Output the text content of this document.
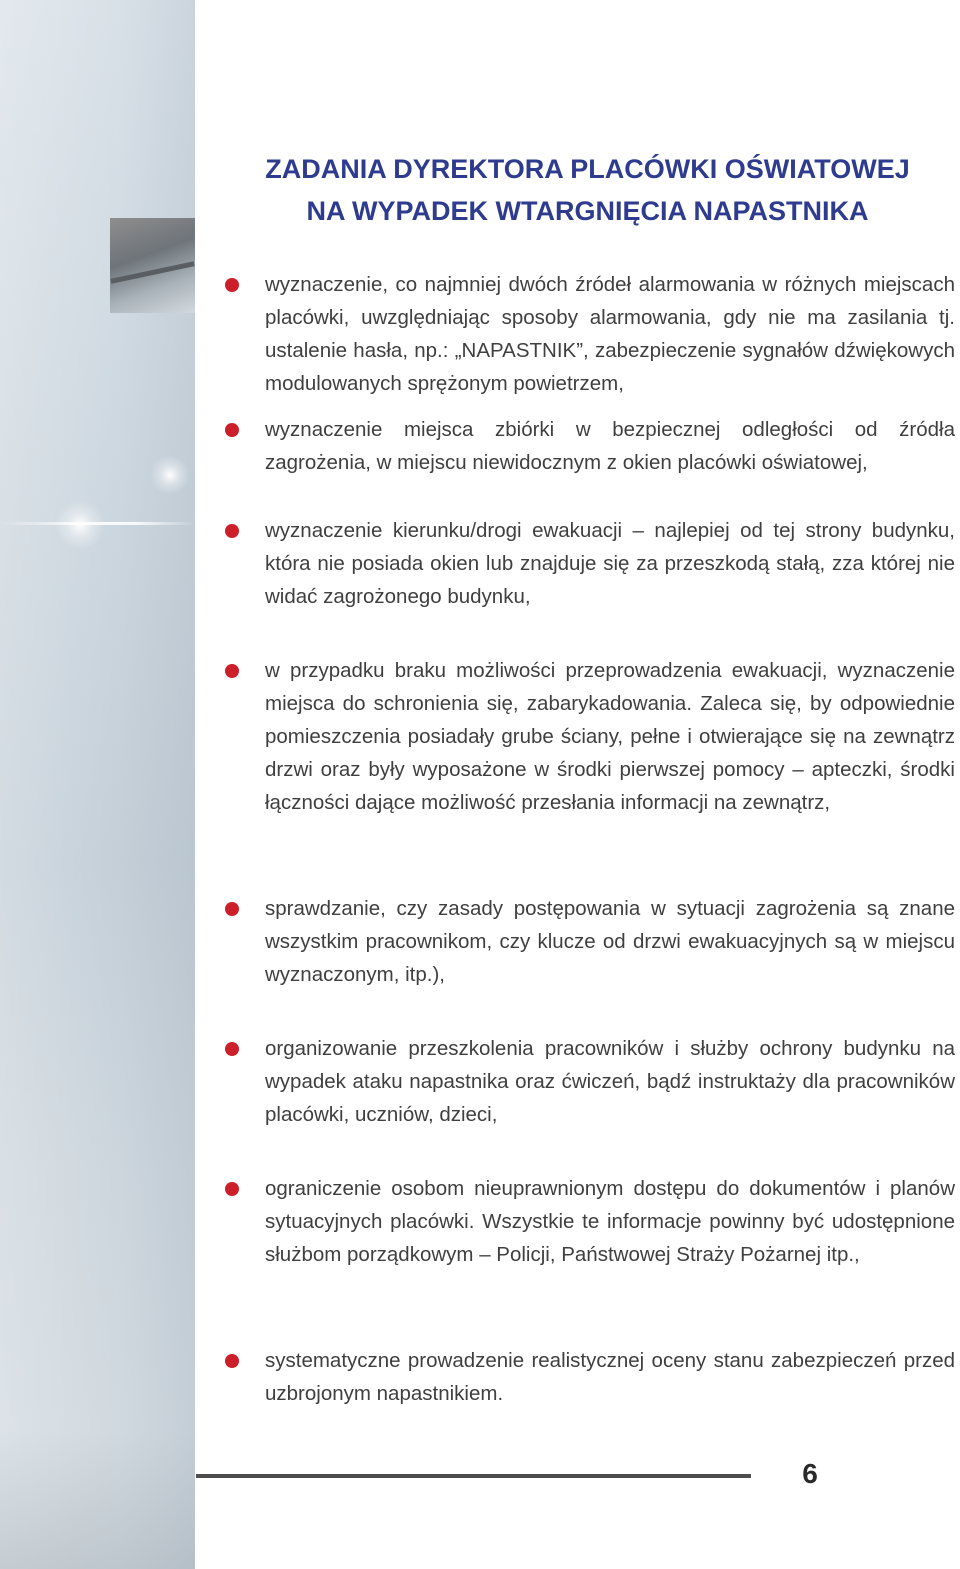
ZADANIA DYREKTORA PLACÓWKI OŚWIATOWEJ
NA WYPADEK WTARGNIĘCIA NAPASTNIKA

wyznaczenie, co najmniej dwóch źródeł alarmowania w różnych miejscach placówki, uwzględniając sposoby alarmowania, gdy nie ma zasilania tj. ustalenie hasła, np.: „NAPASTNIK”, zabezpieczenie sygnałów dźwiękowych modulowanych sprężonym powietrzem,

wyznaczenie miejsca zbiórki w bezpiecznej odległości od źródła zagrożenia, w miejscu niewidocznym z okien placówki oświatowej,

wyznaczenie kierunku/drogi ewakuacji – najlepiej od tej strony budynku, która nie posiada okien lub znajduje się za przeszkodą stałą, zza której nie widać zagrożonego budynku,

w przypadku braku możliwości przeprowadzenia ewakuacji, wyznaczenie miejsca do schronienia się, zabarykadowania. Zaleca się, by odpowiednie pomieszczenia posiadały grube ściany, pełne i otwierające się na zewnątrz drzwi oraz były wyposażone w środki pierwszej pomocy – apteczki, środki łączności dające możliwość przesłania informacji na zewnątrz,

sprawdzanie, czy zasady postępowania w sytuacji zagrożenia są znane wszystkim pracownikom, czy klucze od drzwi ewakuacyjnych są w miejscu wyznaczonym, itp.),

organizowanie przeszkolenia pracowników i służby ochrony budynku na wypadek ataku napastnika oraz ćwiczeń, bądź instruktaży dla pracowników placówki, uczniów, dzieci,

ograniczenie osobom nieuprawnionym dostępu do dokumentów i planów sytuacyjnych placówki. Wszystkie te informacje powinny być udostępnione służbom porządkowym – Policji, Państwowej Straży Pożarnej itp.,

systematyczne prowadzenie realistycznej oceny stanu zabezpieczeń przed uzbrojonym napastnikiem.

6
